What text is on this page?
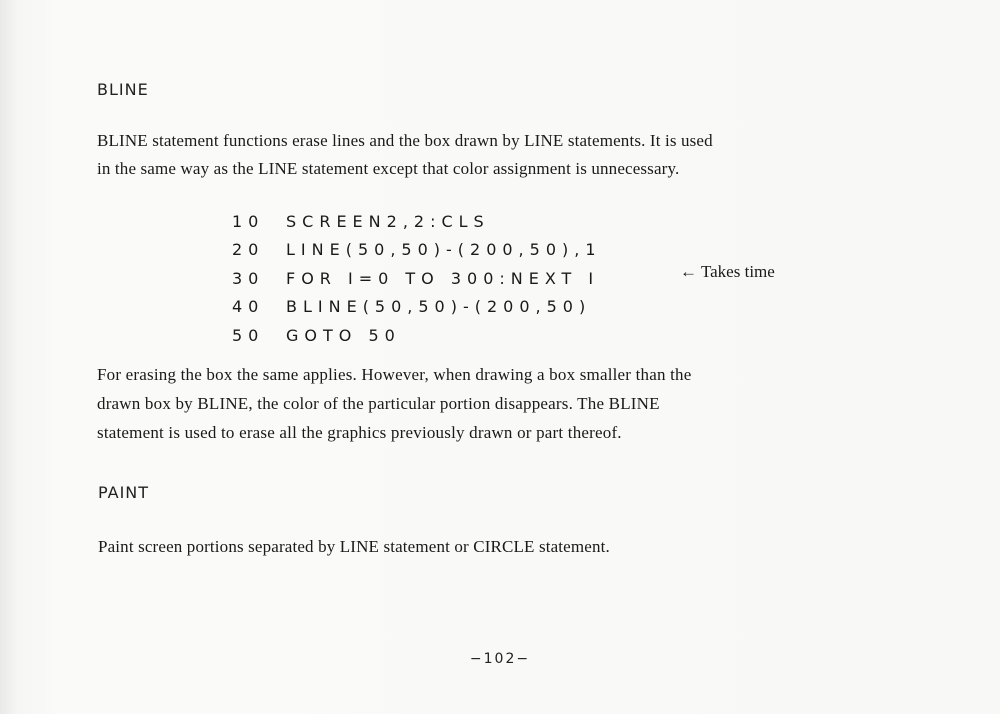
BLINE

BLINE statement functions erase lines and the box drawn by LINE statements. It is used
in the same way as the LINE statement except that color assignment is unnecessary.

10	SCREEN2,2:CLS
20	LINE(50,50)-(200,50),1
30	FOR I=0 TO 300:NEXT I
40	BLINE(50,50)-(200,50)
50	GOTO 50
← Takes time

For erasing the box the same applies. However, when drawing a box smaller than the
drawn box by BLINE, the color of the particular portion disappears. The BLINE
statement is used to erase all the graphics previously drawn or part thereof.

PAINT

Paint screen portions separated by LINE statement or CIRCLE statement.

−102−
